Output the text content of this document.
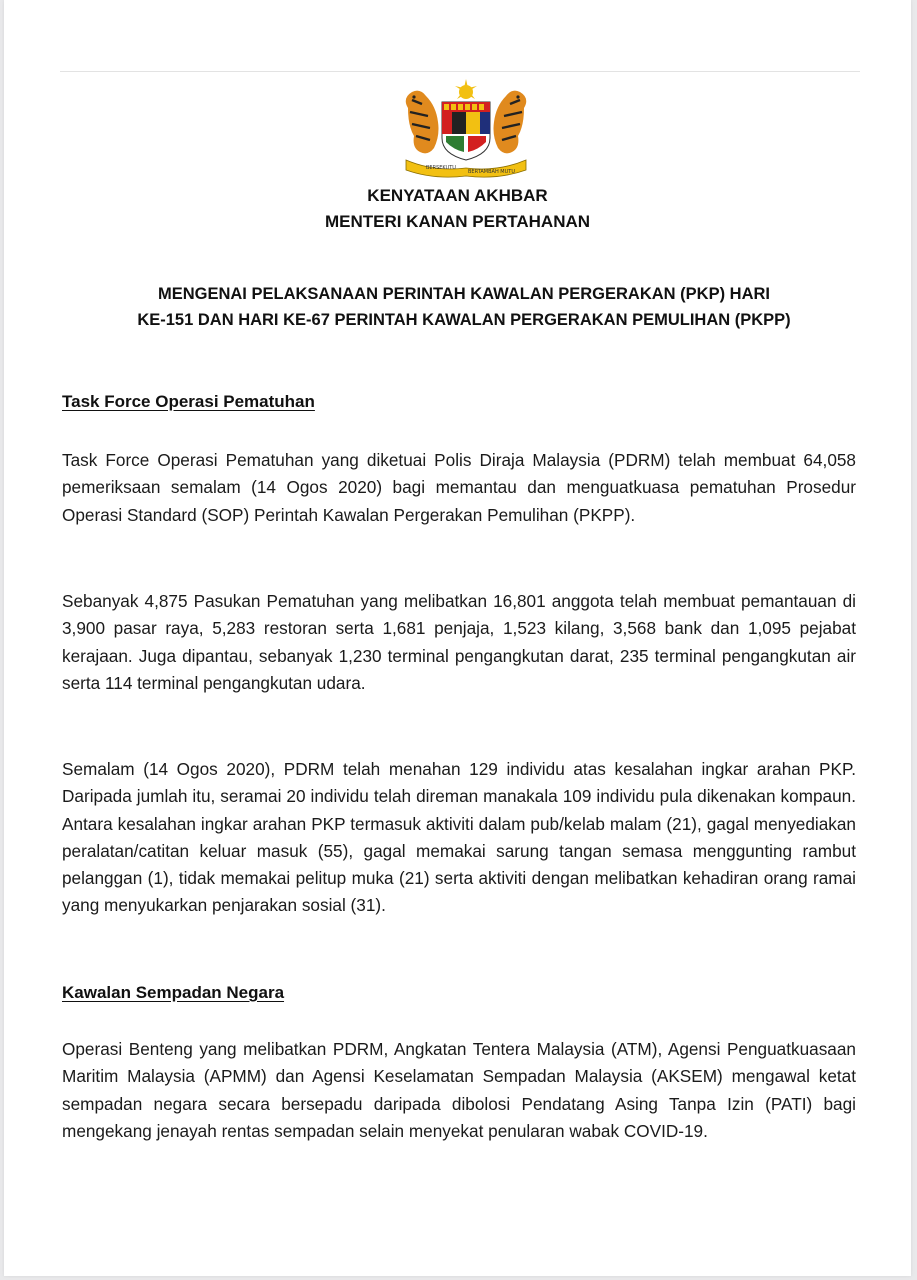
BERSEKUTU
BERTAMBAH MUTU
KENYATAAN AKHBAR
MENTERI KANAN PERTAHANAN
MENGENAI PELAKSANAAN PERINTAH KAWALAN PERGERAKAN (PKP) HARI
KE-151 DAN HARI KE-67 PERINTAH KAWALAN PERGERAKAN PEMULIHAN (PKPP)
Task Force Operasi Pematuhan

Task Force Operasi Pematuhan yang diketuai Polis Diraja Malaysia (PDRM) telah membuat 64,058 pemeriksaan semalam (14 Ogos 2020) bagi memantau dan menguatkuasa pematuhan Prosedur Operasi Standard (SOP) Perintah Kawalan Pergerakan Pemulihan (PKPP).

Sebanyak 4,875 Pasukan Pematuhan yang melibatkan 16,801 anggota telah membuat pemantauan di 3,900 pasar raya, 5,283 restoran serta 1,681 penjaja, 1,523 kilang, 3,568 bank dan 1,095 pejabat kerajaan. Juga dipantau, sebanyak 1,230 terminal pengangkutan darat, 235 terminal pengangkutan air serta 114 terminal pengangkutan udara.

Semalam (14 Ogos 2020), PDRM telah menahan 129 individu atas kesalahan ingkar arahan PKP. Daripada jumlah itu, seramai 20 individu telah direman manakala 109 individu pula dikenakan kompaun. Antara kesalahan ingkar arahan PKP termasuk aktiviti dalam pub/kelab malam (21), gagal menyediakan peralatan/catitan keluar masuk (55), gagal memakai sarung tangan semasa menggunting rambut pelanggan (1), tidak memakai pelitup muka (21) serta aktiviti dengan melibatkan kehadiran orang ramai yang menyukarkan penjarakan sosial (31).

Kawalan Sempadan Negara

Operasi Benteng yang melibatkan PDRM, Angkatan Tentera Malaysia (ATM), Agensi Penguatkuasaan Maritim Malaysia (APMM) dan Agensi Keselamatan Sempadan Malaysia (AKSEM) mengawal ketat sempadan negara secara bersepadu daripada dibolosi Pendatang Asing Tanpa Izin (PATI) bagi mengekang jenayah rentas sempadan selain menyekat penularan wabak COVID-19.
